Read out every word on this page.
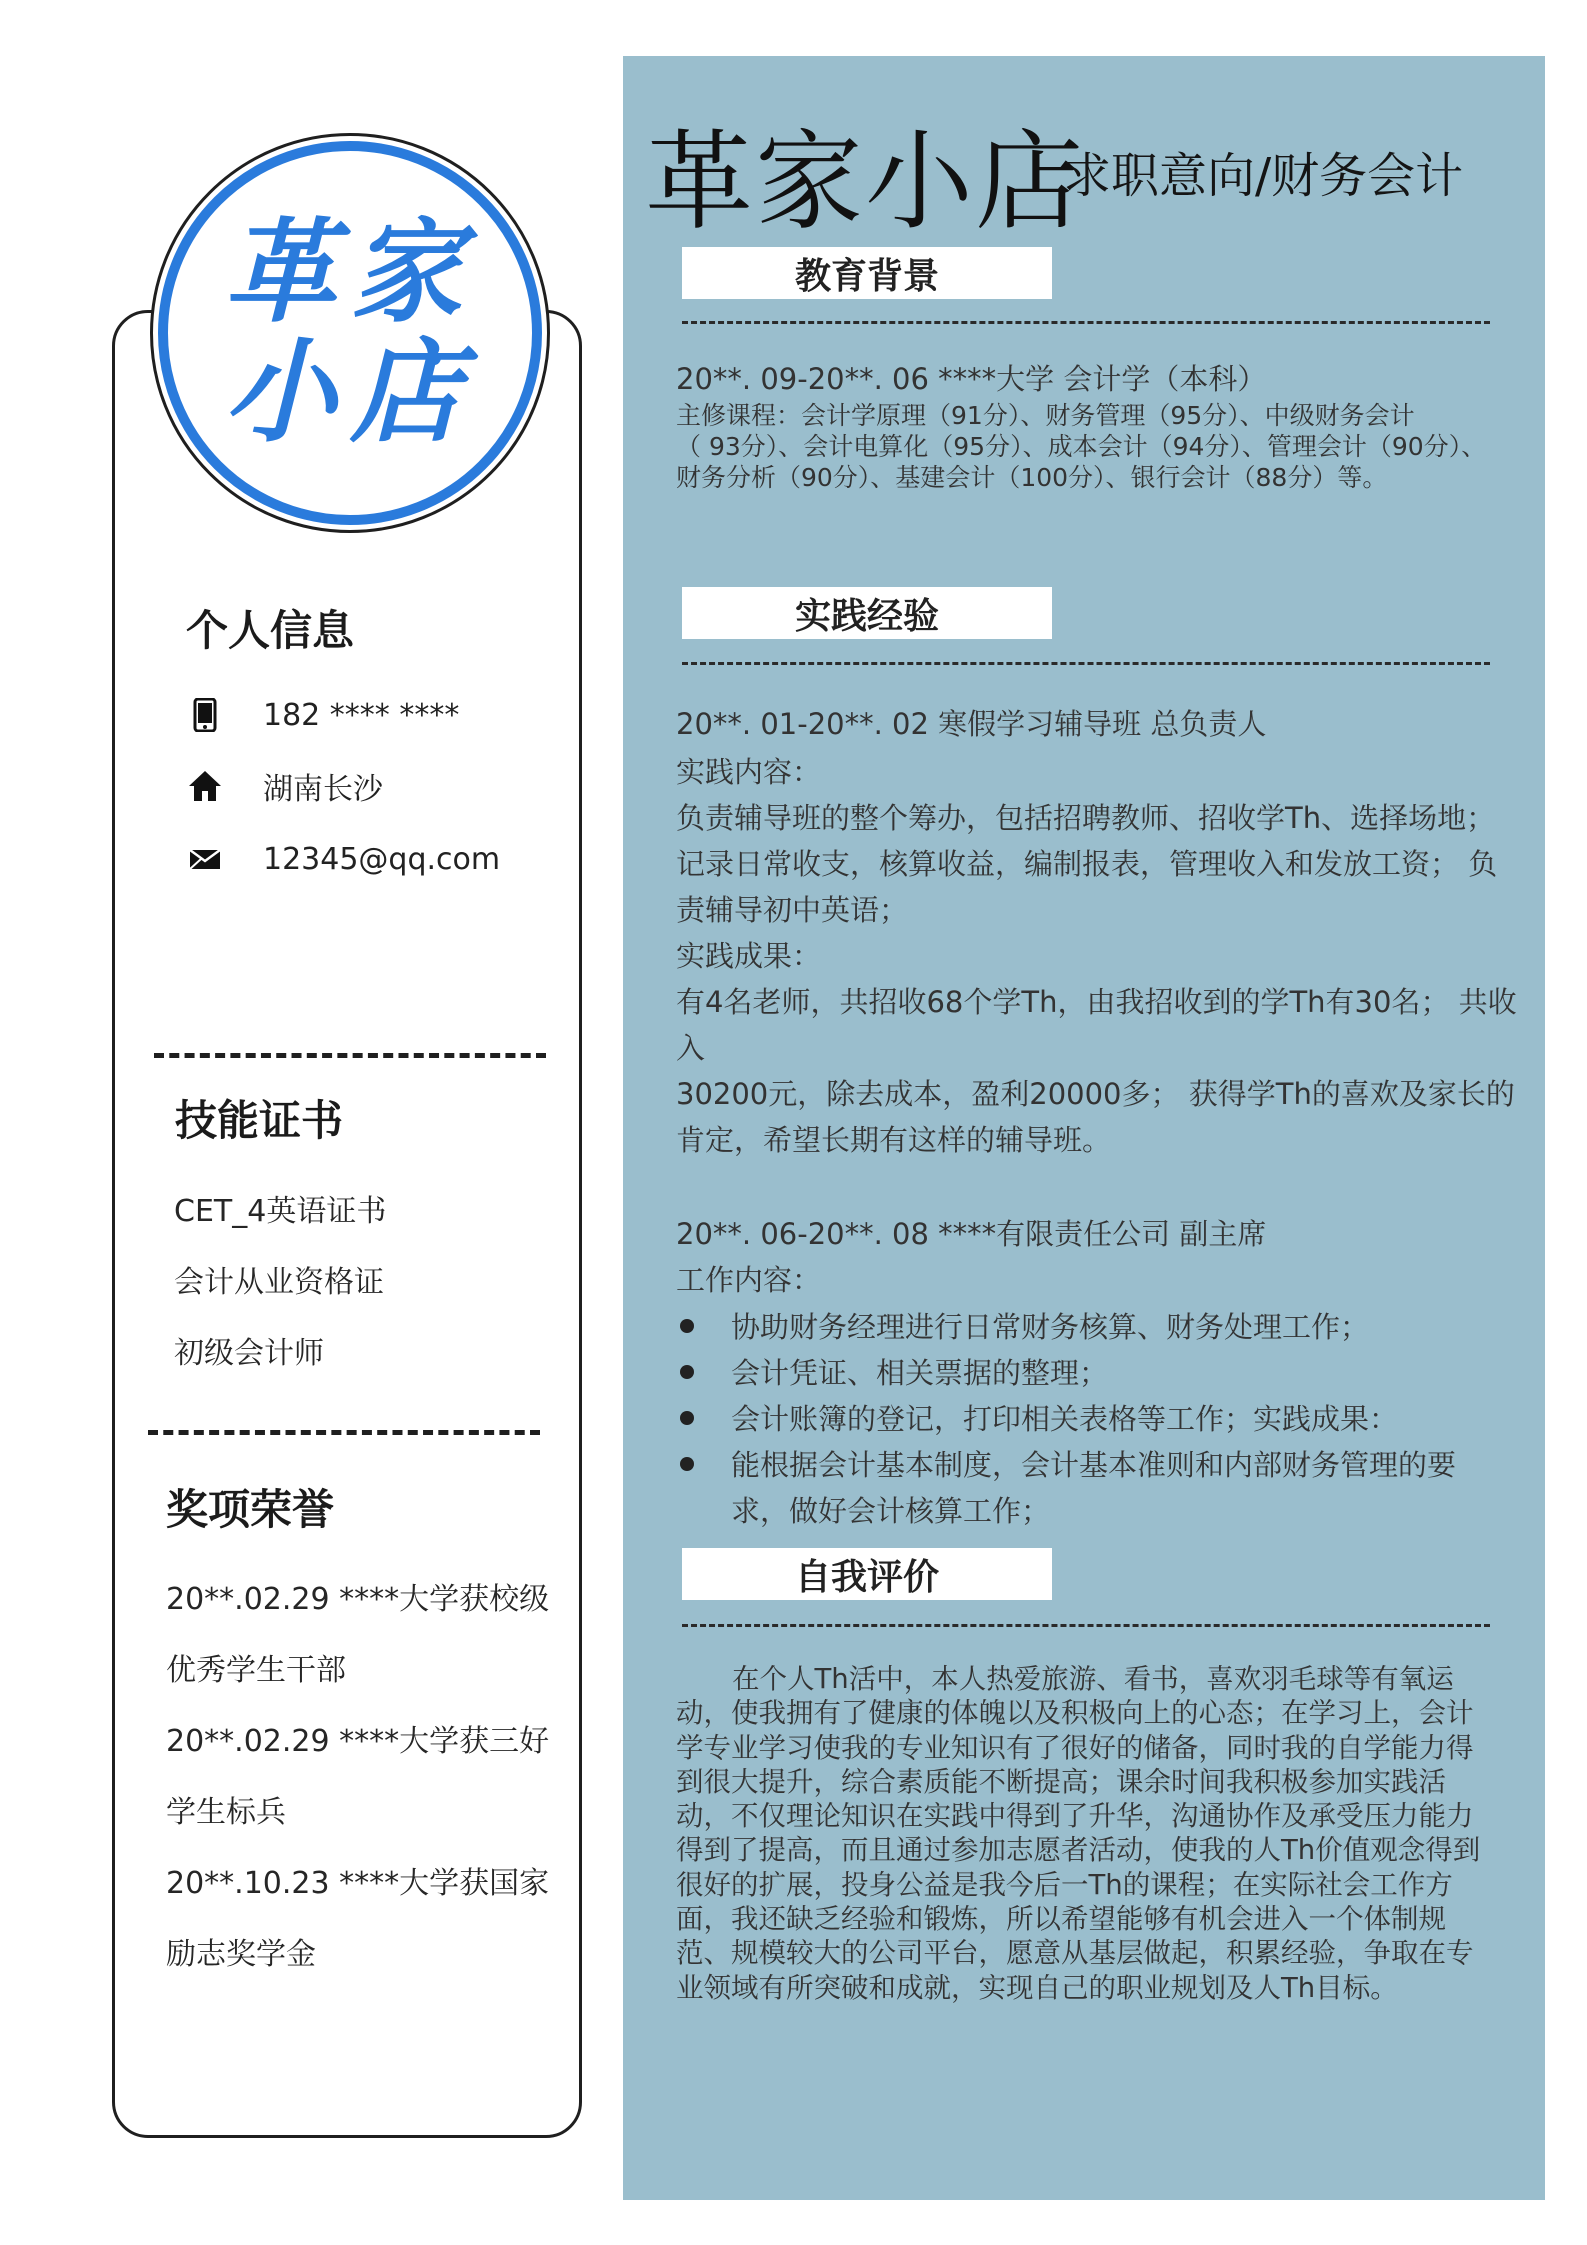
革家
小店
个人信息
182 **** ****
湖南长沙
12345@qq.com
技能证书
CET_4英语证书
会计从业资格证
初级会计师
奖项荣誉
20**.02.29 ****大学获校级
优秀学生干部
20**.02.29 ****大学获三好
学生标兵
20**.10.23 ****大学获国家
励志奖学金
革家小店
求职意向/财务会计
教育背景
20**. 09-20**. 06 ****大学 会计学（本科）
主修课程：会计学原理（91分）、财务管理（95分）、中级财务会计
（ 93分）、会计电算化（95分）、成本会计（94分）、管理会计（90分）、
财务分析（90分）、基建会计（100分）、银行会计（88分）等。
实践经验
20**. 01-20**. 02 寒假学习辅导班 总负责人
实践内容：
负责辅导班的整个筹办，包括招聘教师、招收学Th、选择场地；
记录日常收支，核算收益，编制报表，管理收入和发放工资； 负
责辅导初中英语；
实践成果：
有4名老师，共招收68个学Th，由我招收到的学Th有30名； 共收
入
30200元，除去成本，盈利20000多； 获得学Th的喜欢及家长的
肯定，希望长期有这样的辅导班。
20**. 06-20**. 08 ****有限责任公司 副主席
工作内容：
协助财务经理进行日常财务核算、财务处理工作；
会计凭证、相关票据的整理；
会计账簿的登记，打印相关表格等工作；实践成果：
能根据会计基本制度，会计基本准则和内部财务管理的要
求，做好会计核算工作；
自我评价
在个人Th活中，本人热爱旅游、看书，喜欢羽毛球等有氧运动，使我拥有了健康的体魄以及积极向上的心态；在学习上，会计学专业学习使我的专业知识有了很好的储备，同时我的自学能力得到很大提升，综合素质能不断提高；课余时间我积极参加实践活动，不仅理论知识在实践中得到了升华，沟通协作及承受压力能力得到了提高，而且通过参加志愿者活动，使我的人Th价值观念得到很好的扩展，投身公益是我今后一Th的课程；在实际社会工作方面，我还缺乏经验和锻炼，所以希望能够有机会进入一个体制规范、规模较大的公司平台，愿意从基层做起，积累经验，争取在专业领域有所突破和成就，实现自己的职业规划及人Th目标。
